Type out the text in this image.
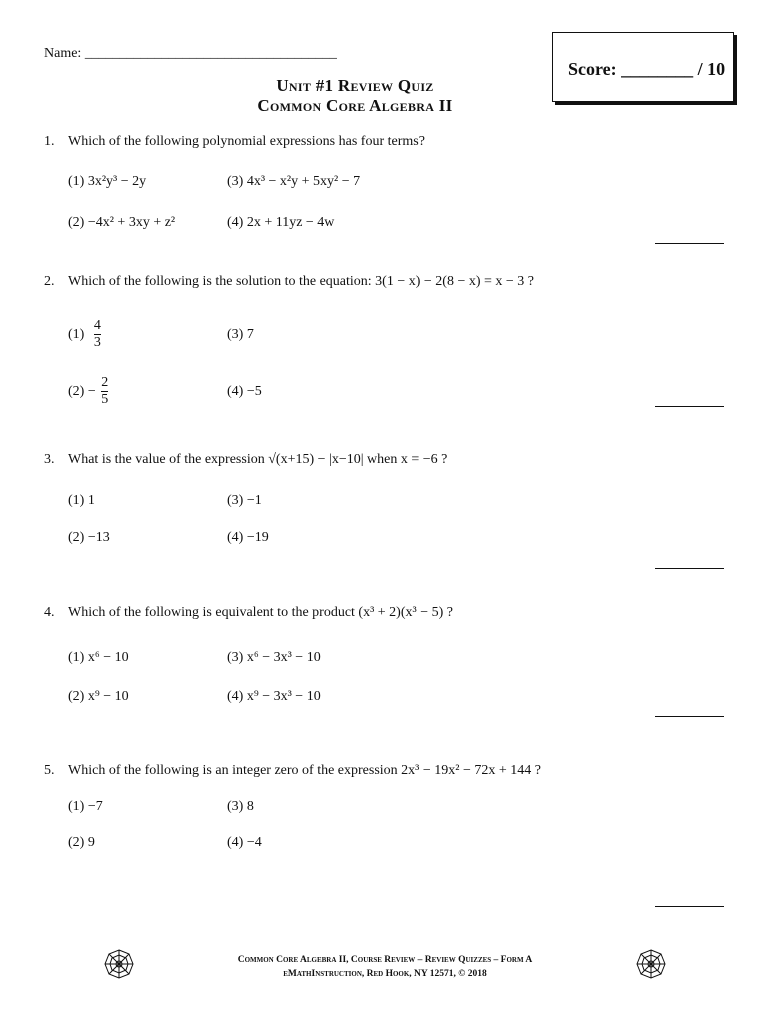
Name: ____________________________________
Score: ________ / 10
Unit #1 Review Quiz
Common Core Algebra II
1. Which of the following polynomial expressions has four terms?
(1) 3x²y³ − 2y
(2) −4x² + 3xy + z²
(3) 4x³ − x²y + 5xy² − 7
(4) 2x + 11yz − 4w
2. Which of the following is the solution to the equation: 3(1 − x) − 2(8 − x) = x − 3 ?
$(1) \frac{4}{3}$
$(2) - \frac{2}{5}$
(3) 7
(4) −5
3. What is the value of the expression √(x+15) − |x−10| when x = −6 ?
(1) 1
(2) −13
(3) −1
(4) −19
4. Which of the following is equivalent to the product (x³ + 2)(x³ − 5) ?
(1) x⁶ − 10
(2) x⁹ − 10
(3) x⁶ − 3x³ − 10
(4) x⁹ − 3x³ − 10
5. Which of the following is an integer zero of the expression 2x³ − 19x² − 72x + 144 ?
(1) −7
(2) 9
(3) 8
(4) −4
Common Core Algebra II, Course Review – Review Quizzes – Form A
eMathInstruction, Red Hook, NY 12571, © 2018
